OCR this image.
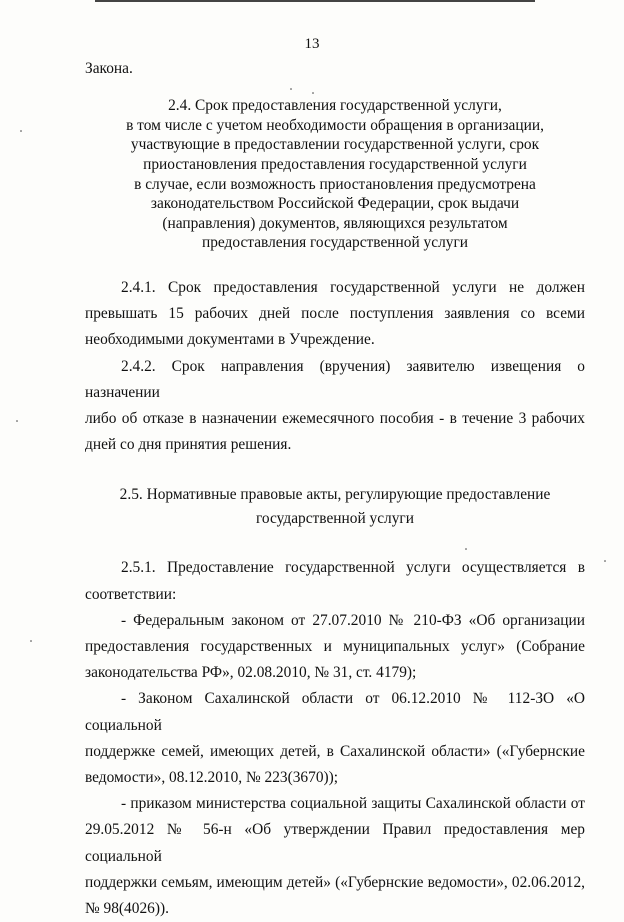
13

Закона.

2.4. Срок предоставления государственной услуги,

в том числе с учетом необходимости обращения в организации,

участвующие в предоставлении государственной услуги, срок

приостановления предоставления государственной услуги

в случае, если возможность приостановления предусмотрена

законодательством Российской Федерации, срок выдачи

(направления) документов, являющихся результатом

предоставления государственной услуги

2.4.1. Срок предоставления государственной услуги не должен

превышать 15 рабочих дней после поступления заявления со всеми

необходимыми документами в Учреждение.

2.4.2. Срок направления (вручения) заявителю извещения о назначении

либо об отказе в назначении ежемесячного пособия - в течение 3 рабочих

дней со дня принятия решения.

2.5. Нормативные правовые акты, регулирующие предоставление

государственной услуги

2.5.1. Предоставление государственной услуги осуществляется в

соответствии:

- Федеральным законом от 27.07.2010 № 210-ФЗ «Об организации

предоставления государственных и муниципальных услуг» (Собрание

законодательства РФ», 02.08.2010, № 31, ст. 4179);

- Законом Сахалинской области от 06.12.2010 № 112-ЗО «О социальной

поддержке семей, имеющих детей, в Сахалинской области» («Губернские

ведомости», 08.12.2010, № 223(3670));

- приказом министерства социальной защиты Сахалинской области от

29.05.2012 № 56-н «Об утверждении Правил предоставления мер социальной

поддержки семьям, имеющим детей» («Губернские ведомости», 02.06.2012,

№ 98(4026)).
